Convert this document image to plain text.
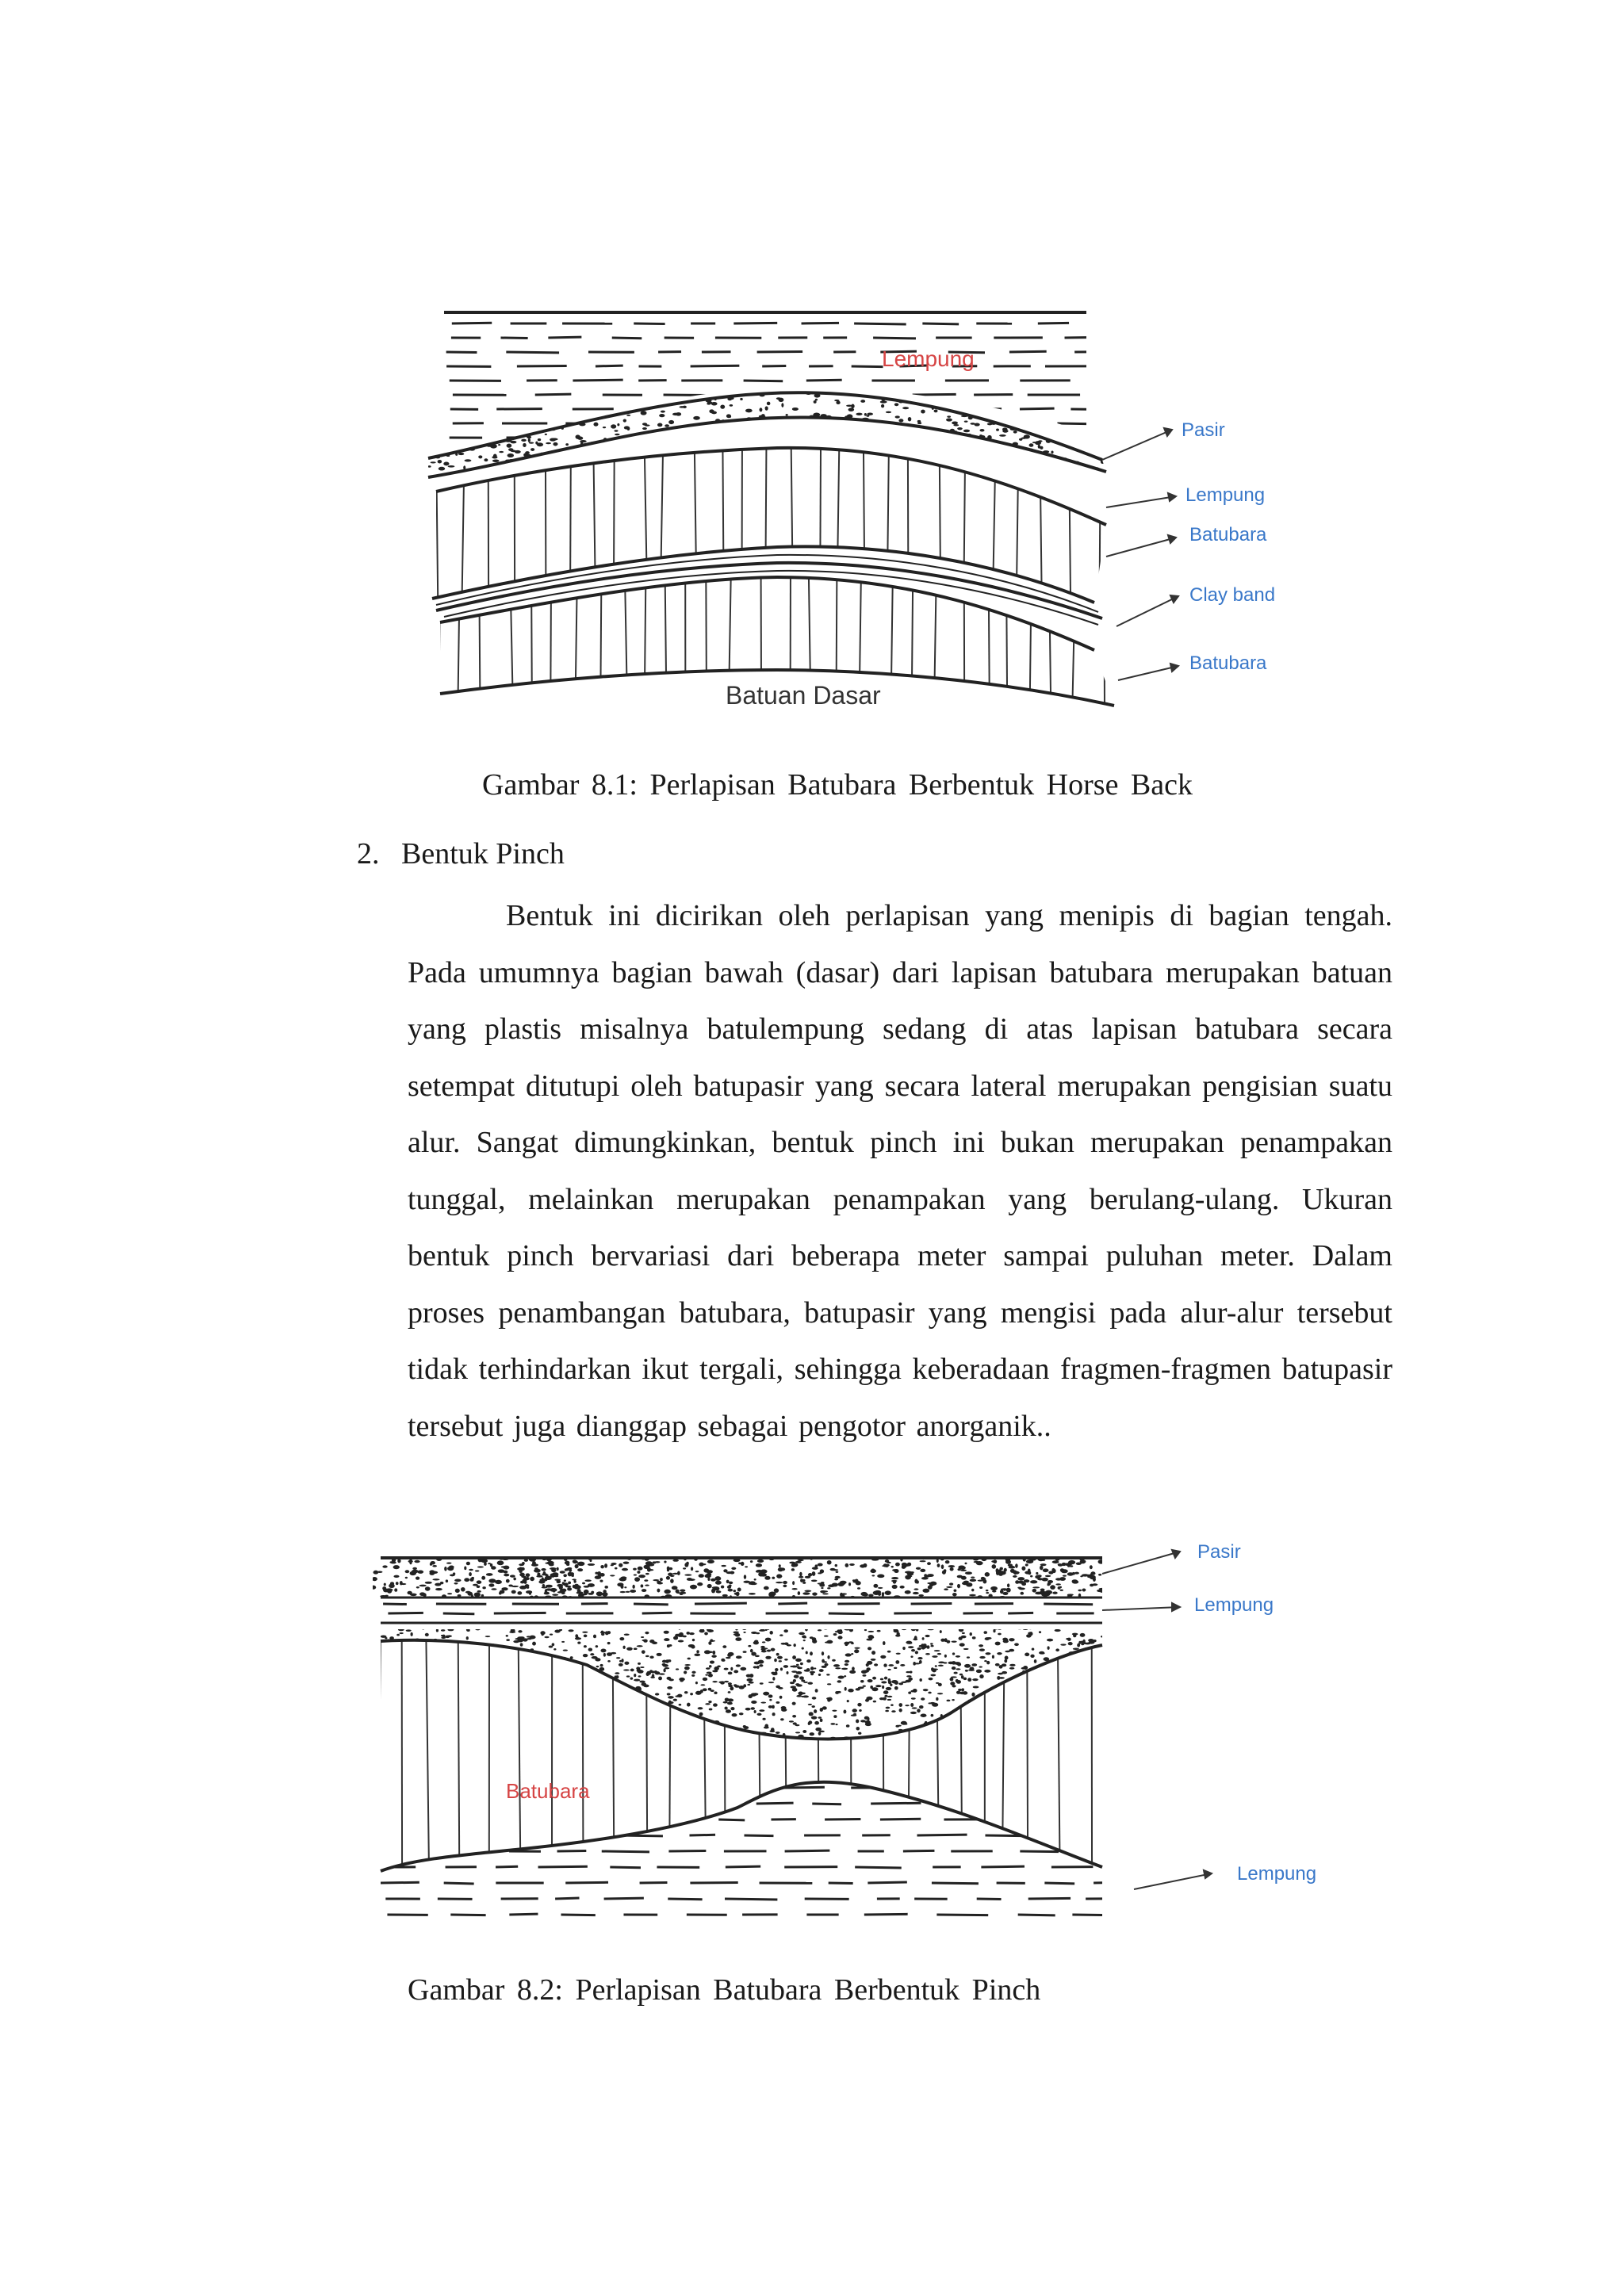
Lempung
Batuan Dasar
Pasir
Lempung
Batubara
Clay band
Batubara
Gambar 8.1: Perlapisan Batubara Berbentuk Horse Back
2. Bentuk Pinch
Bentuk ini dicirikan oleh perlapisan yang menipis di bagian tengah. Pada umumnya bagian bawah (dasar) dari lapisan batubara merupakan batuan yang plastis misalnya batulempung sedang di atas lapisan batubara secara setempat ditutupi oleh batupasir yang secara lateral merupakan pengisian suatu alur. Sangat dimungkinkan, bentuk pinch ini bukan merupakan penampakan tunggal, melainkan merupakan penampakan yang berulang-ulang. Ukuran bentuk pinch bervariasi dari beberapa meter sampai puluhan meter. Dalam proses penambangan batubara, batupasir yang mengisi pada alur-alur tersebut tidak terhindarkan ikut tergali, sehingga keberadaan fragmen-fragmen batupasir tersebut juga dianggap sebagai pengotor anorganik..
Batubara
Pasir
Lempung
Lempung
Gambar 8.2: Perlapisan Batubara Berbentuk Pinch
